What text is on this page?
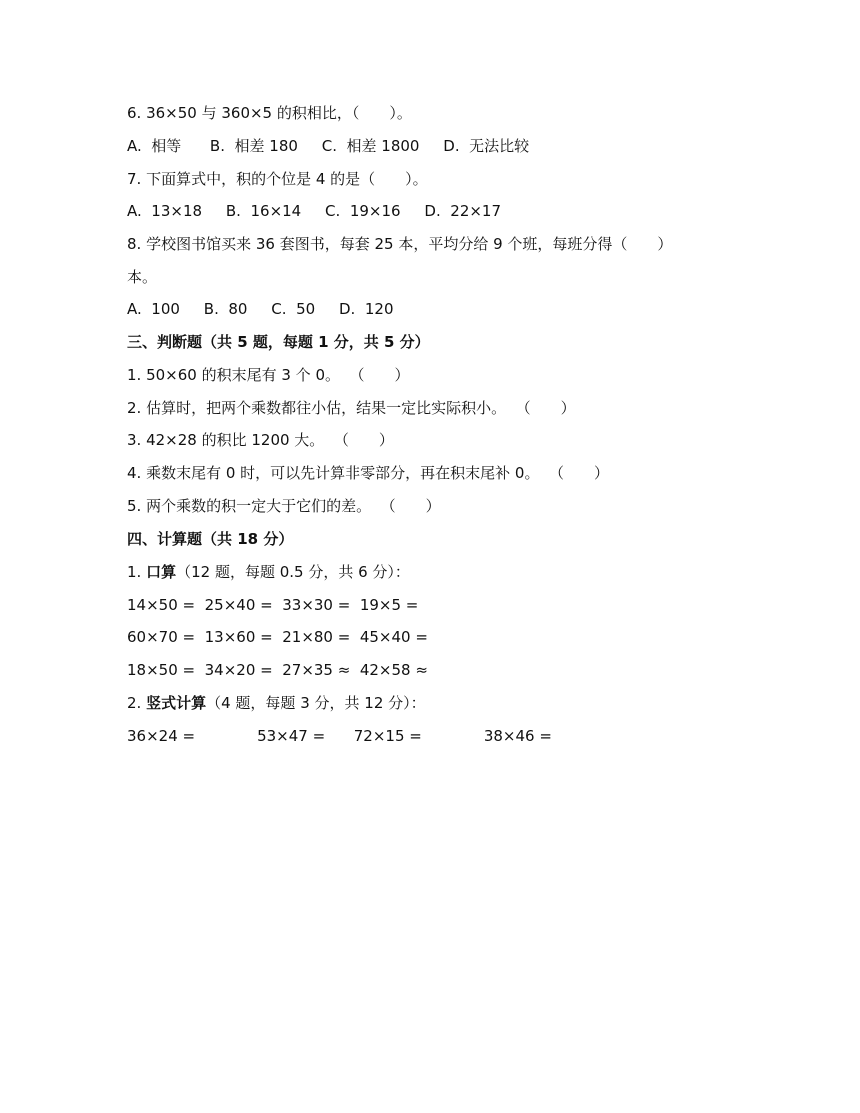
6. 36×50 与 360×5 的积相比，（　　）。
A.  相等      B.  相差 180     C.  相差 1800     D.  无法比较
7. 下面算式中，积的个位是 4 的是（　　）。
A.  13×18     B.  16×14     C.  19×16     D.  22×17
8. 学校图书馆买来 36 套图书，每套 25 本，平均分给 9 个班，每班分得（　　）
本。
A.  100     B.  80     C.  50     D.  120
三、判断题（共 5 题，每题 1 分，共 5 分）
1. 50×60 的积末尾有 3 个 0。  （　　）
2. 估算时，把两个乘数都往小估，结果一定比实际积小。  （　　）
3. 42×28 的积比 1200 大。  （　　）
4. 乘数末尾有 0 时，可以先计算非零部分，再在积末尾补 0。  （　　）
5. 两个乘数的积一定大于它们的差。  （　　）
四、计算题（共 18 分）
1. 口算（12 题，每题 0.5 分，共 6 分）：
14×50 =  25×40 =  33×30 =  19×5 =
60×70 =  13×60 =  21×80 =  45×40 =
18×50 =  34×20 =  27×35 ≈  42×58 ≈
2. 竖式计算（4 题，每题 3 分，共 12 分）：
36×24 =             53×47 =      72×15 =             38×46 =
